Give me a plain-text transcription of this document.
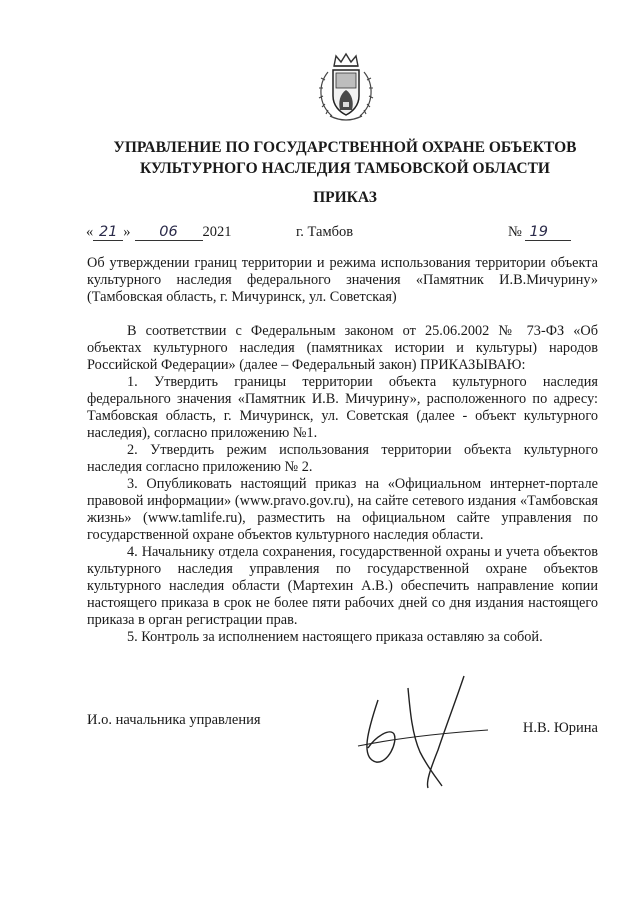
УПРАВЛЕНИЕ ПО ГОСУДАРСТВЕННОЙ ОХРАНЕ ОБЪЕКТОВ
КУЛЬТУРНОГО НАСЛЕДИЯ ТАМБОВСКОЙ ОБЛАСТИ
ПРИКАЗ
« 21 » 06 2021	г. Тамбов	№ 19
Об утверждении границ территории и режима использования территории объекта культурного наследия федерального значения «Памятник И.В.Мичурину» (Тамбовская область, г. Мичуринск, ул. Советская)

В соответствии с Федеральным законом от 25.06.2002 № 73-ФЗ «Об объектах культурного наследия (памятниках истории и культуры) народов Российской Федерации» (далее – Федеральный закон) ПРИКАЗЫВАЮ:

1. Утвердить границы территории объекта культурного наследия федерального значения «Памятник И.В. Мичурину», расположенного по адресу: Тамбовская область, г. Мичуринск, ул. Советская (далее - объект культурного наследия), согласно приложению №1.

2. Утвердить режим использования территории объекта культурного наследия согласно приложению № 2.

3. Опубликовать настоящий приказ на «Официальном интернет-портале правовой информации» (www.pravo.gov.ru), на сайте сетевого издания «Тамбовская жизнь» (www.tamlife.ru), разместить на официальном сайте управления по государственной охране объектов культурного наследия области.

4. Начальнику отдела сохранения, государственной охраны и учета объектов культурного наследия управления по государственной охране объектов культурного наследия области (Мартехин А.В.) обеспечить направление копии настоящего приказа в срок не более пяти рабочих дней со дня издания настоящего приказа в орган регистрации прав.

5. Контроль за исполнением настоящего приказа оставляю за собой.

И.о. начальника управления	Н.В. Юрина
